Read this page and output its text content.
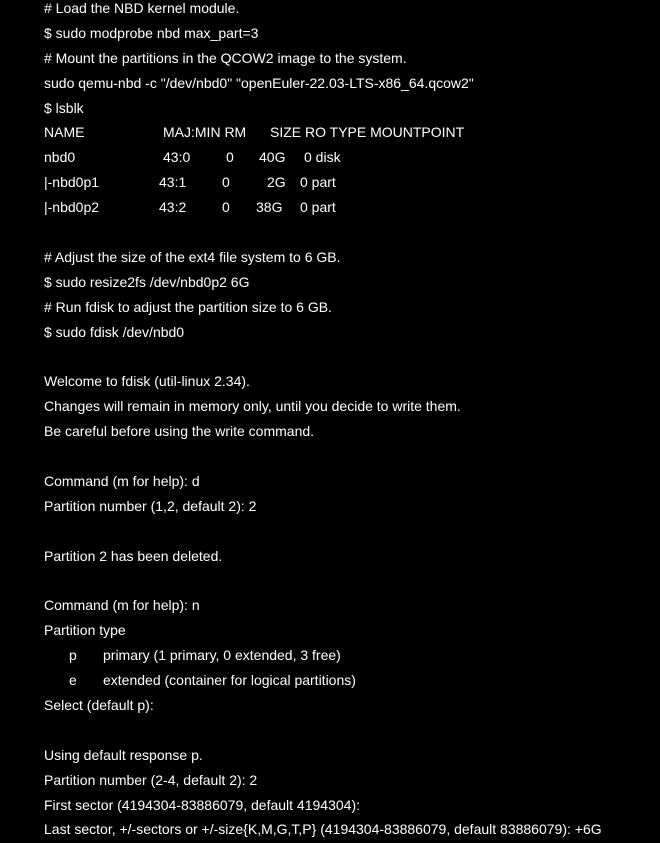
# Load the NBD kernel module.
$ sudo modprobe nbd max_part=3
# Mount the partitions in the QCOW2 image to the system.
sudo qemu-nbd -c "/dev/nbd0" "openEuler-22.03-LTS-x86_64.qcow2"
$ lsblk
NAME	MAJ:MIN RM SIZE RO TYPE MOUNTPOINT
nbd0	43:0	0 40G 0 disk
|-nbd0p1	43:1	0	2G 0 part
|-nbd0p2	43:2	0 38G 0 part
# Adjust the size of the ext4 file system to 6 GB.
$ sudo resize2fs /dev/nbd0p2 6G
# Run fdisk to adjust the partition size to 6 GB.
$ sudo fdisk /dev/nbd0
Welcome to fdisk (util-linux 2.34).
Changes will remain in memory only, until you decide to write them.
Be careful before using the write command.
Command (m for help): d
Partition number (1,2, default 2): 2
Partition 2 has been deleted.
Command (m for help): n
Partition type
p primary (1 primary, 0 extended, 3 free)
e extended (container for logical partitions)
Select (default p):
Using default response p.
Partition number (2-4, default 2): 2
First sector (4194304-83886079, default 4194304):
Last sector, +/-sectors or +/-size{K,M,G,T,P} (4194304-83886079, default 83886079): +6G
